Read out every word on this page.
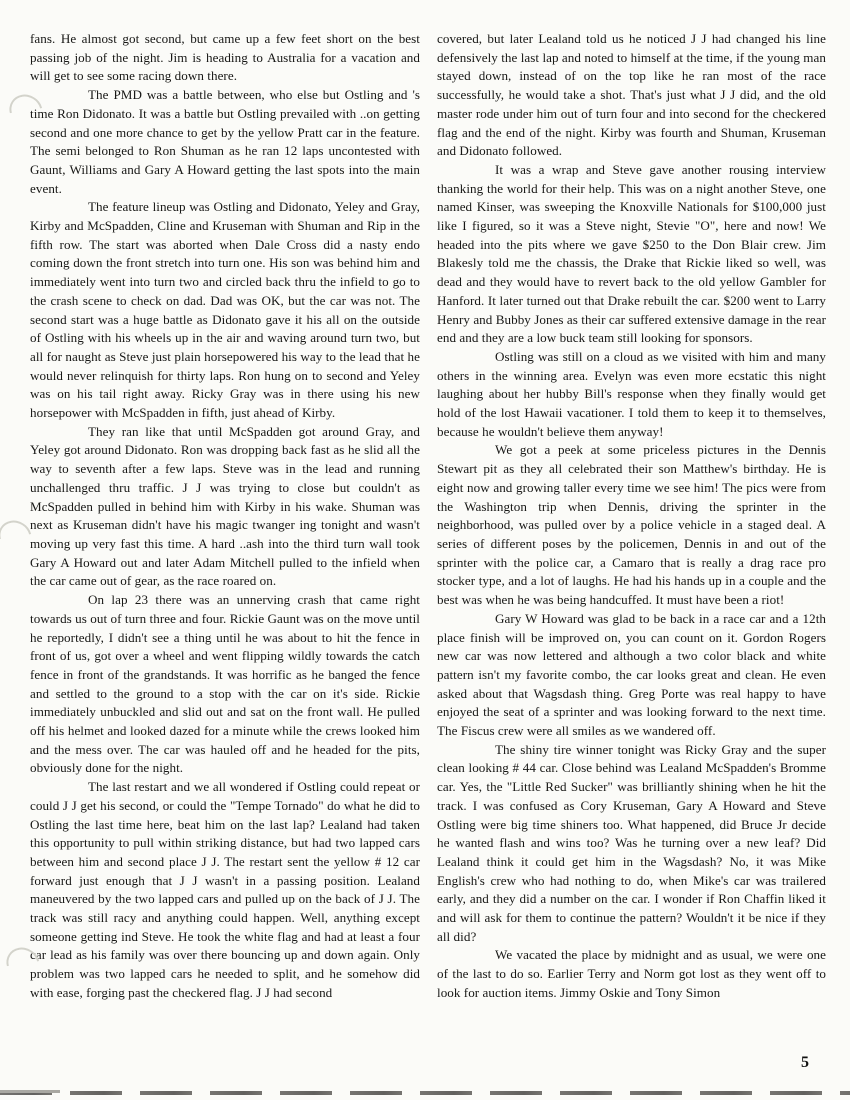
fans. He almost got second, but came up a few feet short on the best passing job of the night. Jim is heading to Australia for a vacation and will get to see some racing down there.

The PMD was a battle between, who else but Ostling and 's time Ron Didonato. It was a battle but Ostling prevailed with ..on getting second and one more chance to get by the yellow Pratt car in the feature. The semi belonged to Ron Shuman as he ran 12 laps uncontested with Gaunt, Williams and Gary A Howard getting the last spots into the main event.

The feature lineup was Ostling and Didonato, Yeley and Gray, Kirby and McSpadden, Cline and Kruseman with Shuman and Rip in the fifth row. The start was aborted when Dale Cross did a nasty endo coming down the front stretch into turn one. His son was behind him and immediately went into turn two and circled back thru the infield to go to the crash scene to check on dad. Dad was OK, but the car was not. The second start was a huge battle as Didonato gave it his all on the outside of Ostling with his wheels up in the air and waving around turn two, but all for naught as Steve just plain horsepowered his way to the lead that he would never relinquish for thirty laps. Ron hung on to second and Yeley was on his tail right away. Ricky Gray was in there using his new horsepower with McSpadden in fifth, just ahead of Kirby.

They ran like that until McSpadden got around Gray, and Yeley got around Didonato. Ron was dropping back fast as he slid all the way to seventh after a few laps. Steve was in the lead and running unchallenged thru traffic. J J was trying to close but couldn't as McSpadden pulled in behind him with Kirby in his wake. Shuman was next as Kruseman didn't have his magic twanger ing tonight and wasn't moving up very fast this time. A hard ..ash into the third turn wall took Gary A Howard out and later Adam Mitchell pulled to the infield when the car came out of gear, as the race roared on.

On lap 23 there was an unnerving crash that came right towards us out of turn three and four. Rickie Gaunt was on the move until he reportedly, I didn't see a thing until he was about to hit the fence in front of us, got over a wheel and went flipping wildly towards the catch fence in front of the grandstands. It was horrific as he banged the fence and settled to the ground to a stop with the car on it's side. Rickie immediately unbuckled and slid out and sat on the front wall. He pulled off his helmet and looked dazed for a minute while the crews looked him and the mess over. The car was hauled off and he headed for the pits, obviously done for the night.

The last restart and we all wondered if Ostling could repeat or could J J get his second, or could the "Tempe Tornado" do what he did to Ostling the last time here, beat him on the last lap? Lealand had taken this opportunity to pull within striking distance, but had two lapped cars between him and second place J J. The restart sent the yellow # 12 car forward just enough that J J wasn't in a passing position. Lealand maneuvered by the two lapped cars and pulled up on the back of J J. The track was still racy and anything could happen. Well, anything except someone getting ind Steve. He took the white flag and had at least a four car lead as his family was over there bouncing up and down again. Only problem was two lapped cars he needed to split, and he somehow did with ease, forging past the checkered flag. J J had second

covered, but later Lealand told us he noticed J J had changed his line defensively the last lap and noted to himself at the time, if the young man stayed down, instead of on the top like he ran most of the race successfully, he would take a shot. That's just what J J did, and the old master rode under him out of turn four and into second for the checkered flag and the end of the night. Kirby was fourth and Shuman, Kruseman and Didonato followed.

It was a wrap and Steve gave another rousing interview thanking the world for their help. This was on a night another Steve, one named Kinser, was sweeping the Knoxville Nationals for $100,000 just like I figured, so it was a Steve night, Stevie "O", here and now! We headed into the pits where we gave $250 to the Don Blair crew. Jim Blakesly told me the chassis, the Drake that Rickie liked so well, was dead and they would have to revert back to the old yellow Gambler for Hanford. It later turned out that Drake rebuilt the car. $200 went to Larry Henry and Bubby Jones as their car suffered extensive damage in the rear end and they are a low buck team still looking for sponsors.

Ostling was still on a cloud as we visited with him and many others in the winning area. Evelyn was even more ecstatic this night laughing about her hubby Bill's response when they finally would get hold of the lost Hawaii vacationer. I told them to keep it to themselves, because he wouldn't believe them anyway!

We got a peek at some priceless pictures in the Dennis Stewart pit as they all celebrated their son Matthew's birthday. He is eight now and growing taller every time we see him! The pics were from the Washington trip when Dennis, driving the sprinter in the neighborhood, was pulled over by a police vehicle in a staged deal. A series of different poses by the policemen, Dennis in and out of the sprinter with the police car, a Camaro that is really a drag race pro stocker type, and a lot of laughs. He had his hands up in a couple and the best was when he was being handcuffed. It must have been a riot!

Gary W Howard was glad to be back in a race car and a 12th place finish will be improved on, you can count on it. Gordon Rogers new car was now lettered and although a two color black and white pattern isn't my favorite combo, the car looks great and clean. He even asked about that Wagsdash thing. Greg Porte was real happy to have enjoyed the seat of a sprinter and was looking forward to the next time. The Fiscus crew were all smiles as we wandered off.

The shiny tire winner tonight was Ricky Gray and the super clean looking # 44 car. Close behind was Lealand McSpadden's Bromme car. Yes, the "Little Red Sucker" was brilliantly shining when he hit the track. I was confused as Cory Kruseman, Gary A Howard and Steve Ostling were big time shiners too. What happened, did Bruce Jr decide he wanted flash and wins too? Was he turning over a new leaf? Did Lealand think it could get him in the Wagsdash? No, it was Mike English's crew who had nothing to do, when Mike's car was trailered early, and they did a number on the car. I wonder if Ron Chaffin liked it and will ask for them to continue the pattern? Wouldn't it be nice if they all did?

We vacated the place by midnight and as usual, we were one of the last to do so. Earlier Terry and Norm got lost as they went off to look for auction items. Jimmy Oskie and Tony Simon

5
